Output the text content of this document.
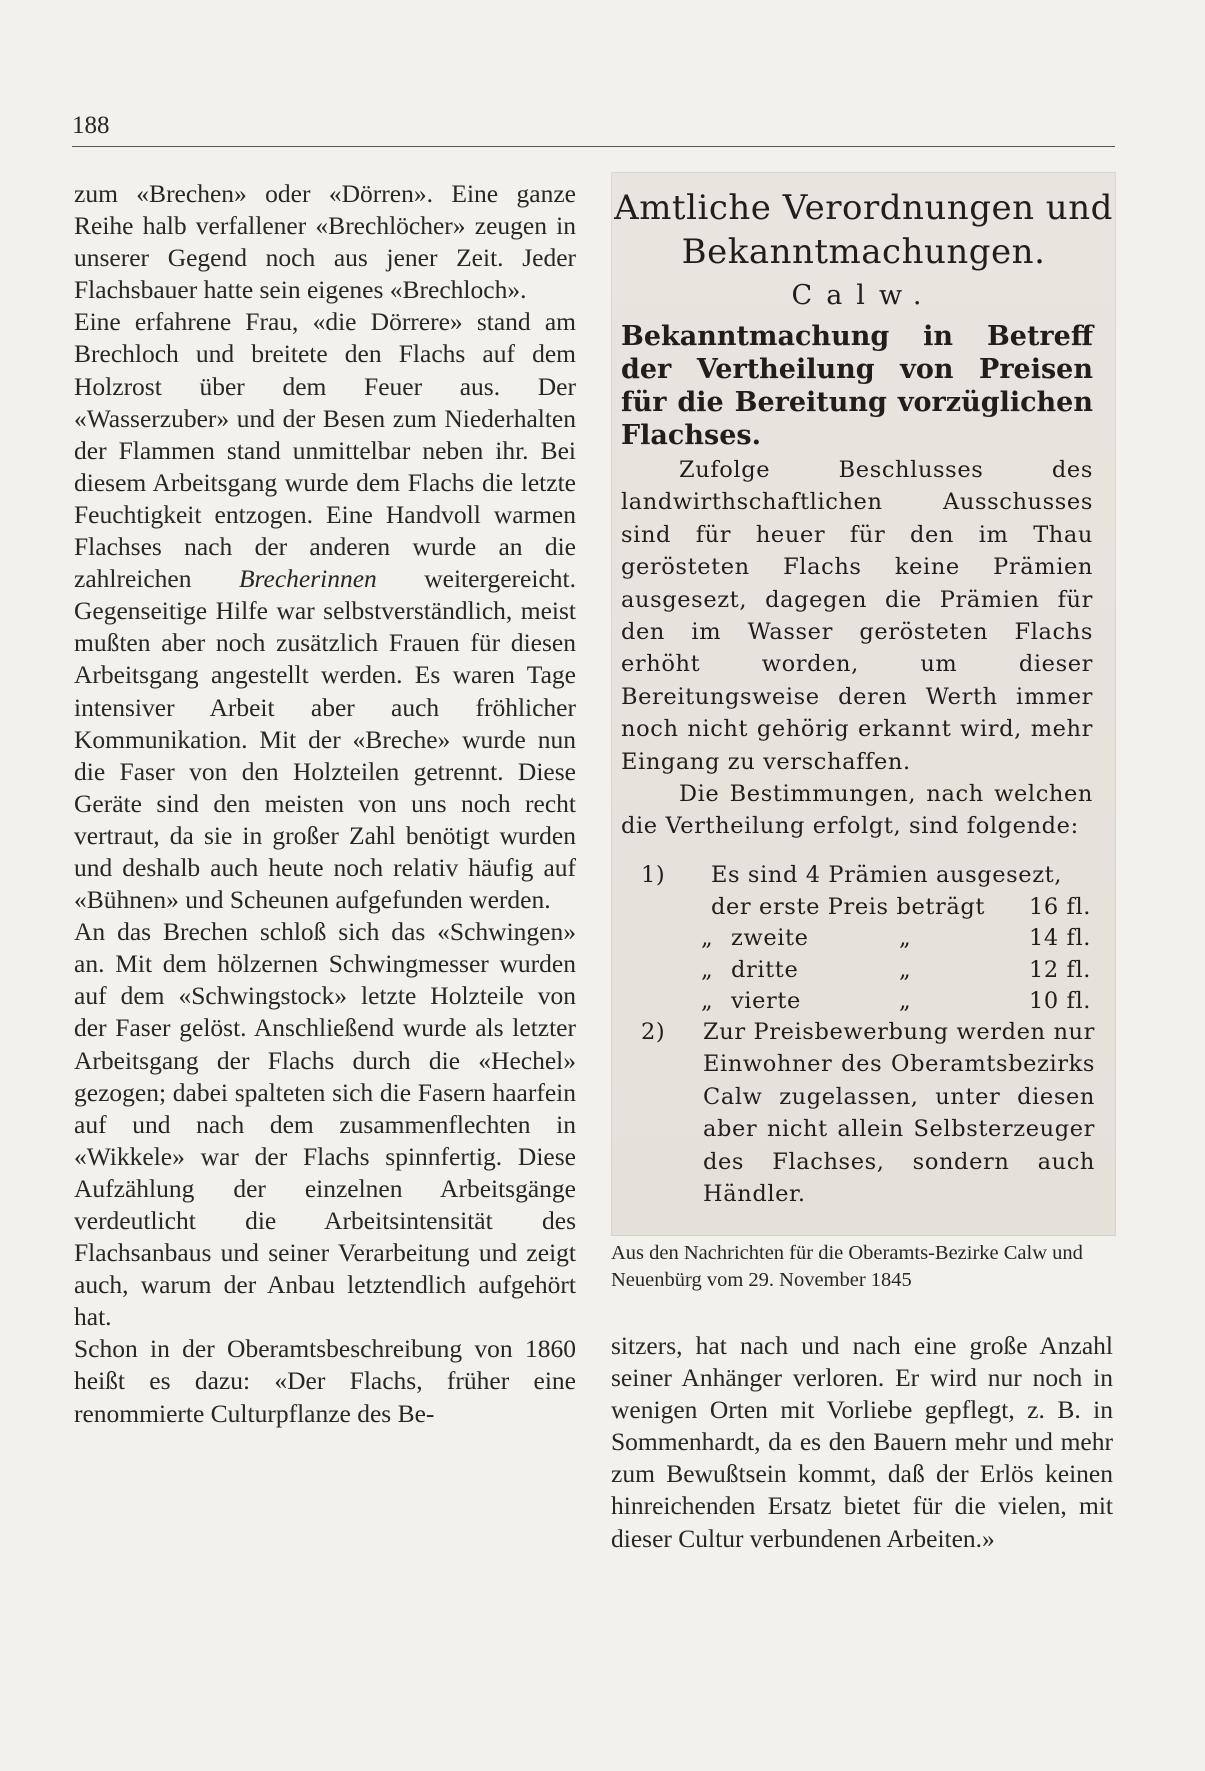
188

zum «Brechen» oder «Dörren». Eine ganze Reihe halb verfallener «Brechlöcher» zeugen in unserer Gegend noch aus jener Zeit. Jeder Flachsbauer hatte sein eigenes «Brechloch».

Eine erfahrene Frau, «die Dörrere» stand am Brechloch und breitete den Flachs auf dem Holzrost über dem Feuer aus. Der «Wasserzuber» und der Besen zum Niederhalten der Flammen stand unmittelbar neben ihr. Bei diesem Arbeitsgang wurde dem Flachs die letzte Feuchtigkeit entzogen. Eine Handvoll warmen Flachses nach der anderen wurde an die zahlreichen Brecherinnen weitergereicht. Gegenseitige Hilfe war selbstverständlich, meist mußten aber noch zusätzlich Frauen für diesen Arbeitsgang angestellt werden. Es waren Tage intensiver Arbeit aber auch fröhlicher Kommunikation. Mit der «Breche» wurde nun die Faser von den Holzteilen getrennt. Diese Geräte sind den meisten von uns noch recht vertraut, da sie in großer Zahl benötigt wurden und deshalb auch heute noch relativ häufig auf «Bühnen» und Scheunen aufgefunden werden.

An das Brechen schloß sich das «Schwingen» an. Mit dem hölzernen Schwingmesser wurden auf dem «Schwingstock» letzte Holzteile von der Faser gelöst. Anschließend wurde als letzter Arbeitsgang der Flachs durch die «Hechel» gezogen; dabei spalteten sich die Fasern haarfein auf und nach dem zusammenflechten in «Wikkele» war der Flachs spinnfertig. Diese Aufzählung der einzelnen Arbeitsgänge verdeutlicht die Arbeitsintensität des Flachsanbaus und seiner Verarbeitung und zeigt auch, warum der Anbau letztendlich aufgehört hat.

Schon in der Oberamtsbeschreibung von 1860 heißt es dazu: «Der Flachs, früher eine renommierte Culturpflanze des Be-

Amtliche Verordnungen und
Bekanntmachungen.
Calw.
Bekanntmachung in Betreff der Vertheilung von Preisen für die Bereitung vorzüglichen Flachses.

Zufolge Beschlusses des landwirthschaftlichen Ausschusses sind für heuer für den im Thau gerösteten Flachs keine Prämien ausgesezt, dagegen die Prämien für den im Wasser gerösteten Flachs erhöht worden, um dieser Bereitungsweise deren Werth immer noch nicht gehörig erkannt wird, mehr Eingang zu verschaffen.

Die Bestimmungen, nach welchen die Vertheilung erfolgt, sind folgende:

1) Es sind 4 Prämien ausgesezt,
der erste Preis beträgt 16 fl.
„ zweite	„	14 fl.
„ dritte	„	12 fl.
„ vierte	„	10 fl.
2) Zur Preisbewerbung werden nur Einwohner des Oberamtsbezirks Calw zugelassen, unter diesen aber nicht allein Selbsterzeuger des Flachses, sondern auch Händler.
Aus den Nachrichten für die Oberamts-Bezirke Calw und Neuenbürg vom 29. November 1845

sitzers, hat nach und nach eine große Anzahl seiner Anhänger verloren. Er wird nur noch in wenigen Orten mit Vorliebe gepflegt, z. B. in Sommenhardt, da es den Bauern mehr und mehr zum Bewußtsein kommt, daß der Erlös keinen hinreichenden Ersatz bietet für die vielen, mit dieser Cultur verbundenen Arbeiten.»
